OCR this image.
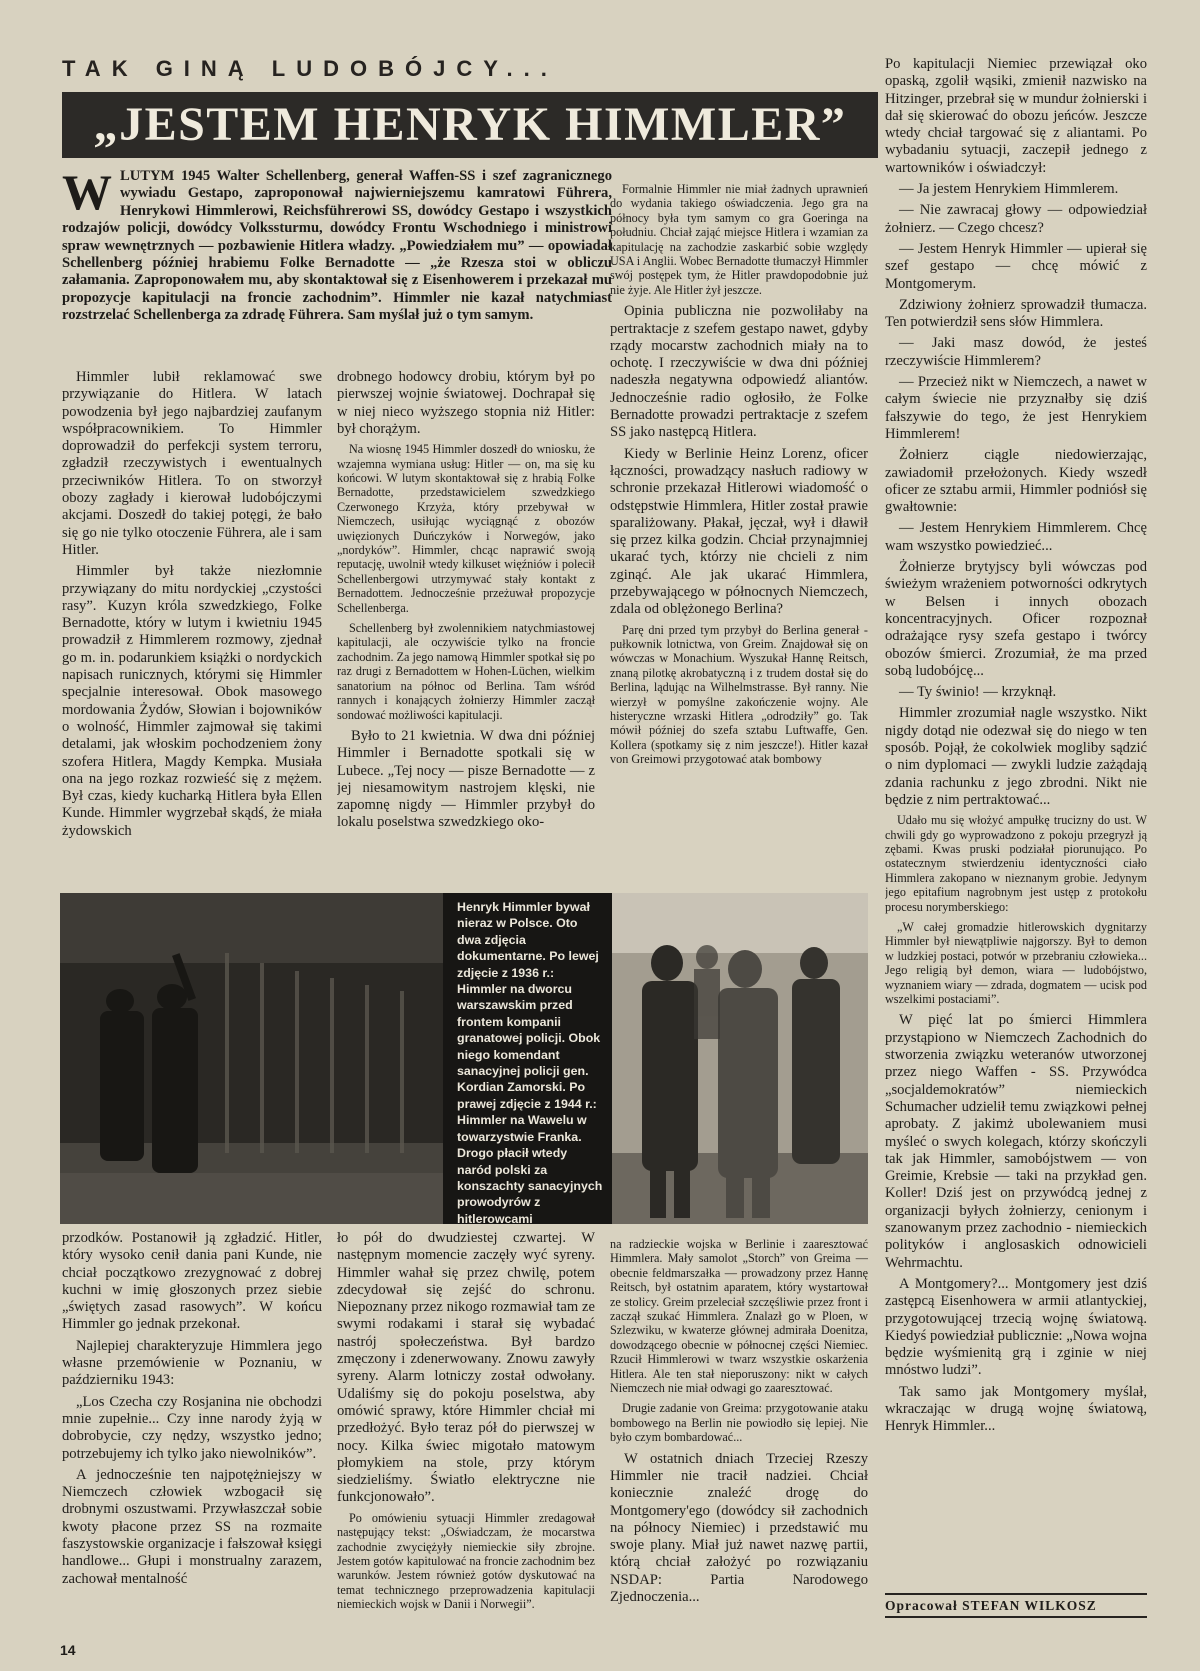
TAK GINĄ LUDOBÓJCY...
„JESTEM HENRYK HIMMLER”
W LUTYM 1945 Walter Schellenberg, generał Waffen-SS i szef zagranicznego wywiadu Gestapo, zaproponował najwierniejszemu kamratowi Führera, Henrykowi Himmlerowi, Reichsführerowi SS, dowódcy Gestapo i wszystkich rodzajów policji, dowódcy Volkssturmu, dowódcy Frontu Wschodniego i ministrowi spraw wewnętrznych — pozbawienie Hitlera władzy. „Powiedziałem mu” — opowiadał Schellenberg później hrabiemu Folke Bernadotte — „że Rzesza stoi w obliczu załamania. Zaproponowałem mu, aby skontaktował się z Eisenhowerem i przekazał mu propozycje kapitulacji na froncie zachodnim”. Himmler nie kazał natychmiast rozstrzelać Schellenberga za zdradę Führera. Sam myślał już o tym samym.

Himmler lubił reklamować swe przywiązanie do Hitlera. W latach powodzenia był jego najbardziej zaufanym współpracownikiem. To Himmler doprowadził do perfekcji system terroru, zgładził rzeczywistych i ewentualnych przeciwników Hitlera. To on stworzył obozy zagłady i kierował ludobójczymi akcjami. Doszedł do takiej potęgi, że bało się go nie tylko otoczenie Führera, ale i sam Hitler.

Himmler był także niezłomnie przywiązany do mitu nordyckiej „czystości rasy”. Kuzyn króla szwedzkiego, Folke Bernadotte, który w lutym i kwietniu 1945 prowadził z Himmlerem rozmowy, zjednał go m. in. podarunkiem książki o nordyckich napisach runicznych, którymi się Himmler specjalnie interesował. Obok masowego mordowania Żydów, Słowian i bojowników o wolność, Himmler zajmował się takimi detalami, jak włoskim pochodzeniem żony szofera Hitlera, Magdy Kempka. Musiała ona na jego rozkaz rozwieść się z mężem. Był czas, kiedy kucharką Hitlera była Ellen Kunde. Himmler wygrzebał skądś, że miała żydowskich

drobnego hodowcy drobiu, którym był po pierwszej wojnie światowej. Dochrapał się w niej nieco wyższego stopnia niż Hitler: był chorążym.

Na wiosnę 1945 Himmler doszedł do wniosku, że wzajemna wymiana usług: Hitler — on, ma się ku końcowi. W lutym skontaktował się z hrabią Folke Bernadotte, przedstawicielem szwedzkiego Czerwonego Krzyża, który przebywał w Niemczech, usiłując wyciągnąć z obozów uwięzionych Duńczyków i Norwegów, jako „nordyków”. Himmler, chcąc naprawić swoją reputację, uwolnił wtedy kilkuset więźniów i polecił Schellenbergowi utrzymywać stały kontakt z Bernadottem. Jednocześnie przeżuwał propozycje Schellenberga.

Schellenberg był zwolennikiem natychmiastowej kapitulacji, ale oczywiście tylko na froncie zachodnim. Za jego namową Himmler spotkał się po raz drugi z Bernadottem w Hohen-Lüchen, wielkim sanatorium na północ od Berlina. Tam wśród rannych i konających żołnierzy Himmler zaczął sondować możliwości kapitulacji.

Było to 21 kwietnia. W dwa dni później Himmler i Bernadotte spotkali się w Lubece. „Tej nocy — pisze Bernadotte — z jej niesamowitym nastrojem klęski, nie zapomnę nigdy — Himmler przybył do lokalu poselstwa szwedzkiego oko-

Formalnie Himmler nie miał żadnych uprawnień do wydania takiego oświadczenia. Jego gra na północy była tym samym co gra Goeringa na południu. Chciał zająć miejsce Hitlera i wzamian za kapitulację na zachodzie zaskarbić sobie względy USA i Anglii. Wobec Bernadotte tłumaczył Himmler swój postępek tym, że Hitler prawdopodobnie już nie żyje. Ale Hitler żył jeszcze.

Opinia publiczna nie pozwoliłaby na pertraktacje z szefem gestapo nawet, gdyby rządy mocarstw zachodnich miały na to ochotę. I rzeczywiście w dwa dni później nadeszła negatywna odpowiedź aliantów. Jednocześnie radio ogłosiło, że Folke Bernadotte prowadzi pertraktacje z szefem SS jako następcą Hitlera.

Kiedy w Berlinie Heinz Lorenz, oficer łączności, prowadzący nasłuch radiowy w schronie przekazał Hitlerowi wiadomość o odstępstwie Himmlera, Hitler został prawie sparaliżowany. Płakał, jęczał, wył i dławił się przez kilka godzin. Chciał przynajmniej ukarać tych, którzy nie chcieli z nim zginąć. Ale jak ukarać Himmlera, przebywającego w północnych Niemczech, zdala od oblężonego Berlina?

Parę dni przed tym przybył do Berlina generał - pułkownik lotnictwa, von Greim. Znajdował się on wówczas w Monachium. Wyszukał Hannę Reitsch, znaną pilotkę akrobatyczną i z trudem dostał się do Berlina, lądując na Wilhelmstrasse. Był ranny. Nie wierzył w pomyślne zakończenie wojny. Ale histeryczne wrzaski Hitlera „odrodziły” go. Tak mówił później do szefa sztabu Luftwaffe, Gen. Kollera (spotkamy się z nim jeszcze!). Hitler kazał von Greimowi przygotować atak bombowy

Po kapitulacji Niemiec przewiązał oko opaską, zgolił wąsiki, zmienił nazwisko na Hitzinger, przebrał się w mundur żołnierski i dał się skierować do obozu jeńców. Jeszcze wtedy chciał targować się z aliantami. Po wybadaniu sytuacji, zaczepił jednego z wartowników i oświadczył:

— Ja jestem Henrykiem Himmlerem.

— Nie zawracaj głowy — odpowiedział żołnierz. — Czego chcesz?

— Jestem Henryk Himmler — upierał się szef gestapo — chcę mówić z Montgomerym.

Zdziwiony żołnierz sprowadził tłumacza. Ten potwierdził sens słów Himmlera.

— Jaki masz dowód, że jesteś rzeczywiście Himmlerem?

— Przecież nikt w Niemczech, a nawet w całym świecie nie przyznałby się dziś fałszywie do tego, że jest Henrykiem Himmlerem!

Żołnierz ciągle niedowierzając, zawiadomił przełożonych. Kiedy wszedł oficer ze sztabu armii, Himmler podniósł się gwałtownie:

— Jestem Henrykiem Himmlerem. Chcę wam wszystko powiedzieć...

Żołnierze brytyjscy byli wówczas pod świeżym wrażeniem potworności odkrytych w Belsen i innych obozach koncentracyjnych. Oficer rozpoznał odrażające rysy szefa gestapo i twórcy obozów śmierci. Zrozumiał, że ma przed sobą ludobójcę...

— Ty świnio! — krzyknął.

Himmler zrozumiał nagle wszystko. Nikt nigdy dotąd nie odezwał się do niego w ten sposób. Pojął, że cokolwiek mogliby sądzić o nim dyplomaci — zwykli ludzie zażądają zdania rachunku z jego zbrodni. Nikt nie będzie z nim pertraktować...

Udało mu się włożyć ampułkę trucizny do ust. W chwili gdy go wyprowadzono z pokoju przegryzł ją zębami. Kwas pruski podziałał piorunująco. Po ostatecznym stwierdzeniu identyczności ciało Himmlera zakopano w nieznanym grobie. Jedynym jego epitafium nagrobnym jest ustęp z protokołu procesu norymberskiego:

„W całej gromadzie hitlerowskich dygnitarzy Himmler był niewątpliwie najgorszy. Był to demon w ludzkiej postaci, potwór w przebraniu człowieka... Jego religią był demon, wiara — ludobójstwo, wyznaniem wiary — zdrada, dogmatem — ucisk pod wszelkimi postaciami”.

W pięć lat po śmierci Himmlera przystąpiono w Niemczech Zachodnich do stworzenia związku weteranów utworzonej przez niego Waffen - SS. Przywódca „socjaldemokratów” niemieckich Schumacher udzielił temu związkowi pełnej aprobaty. Z jakimż ubolewaniem musi myśleć o swych kolegach, którzy skończyli tak jak Himmler, samobójstwem — von Greimie, Krebsie — taki na przykład gen. Koller! Dziś jest on przywódcą jednej z organizacji byłych żołnierzy, cenionym i szanowanym przez zachodnio - niemieckich polityków i anglosaskich odnowicieli Wehrmachtu.

A Montgomery?... Montgomery jest dziś zastępcą Eisenhowera w armii atlantyckiej, przygotowującej trzecią wojnę światową. Kiedyś powiedział publicznie: „Nowa wojna będzie wyśmienitą grą i zginie w niej mnóstwo ludzi”.

Tak samo jak Montgomery myślał, wkraczając w drugą wojnę światową, Henryk Himmler...

Henryk Himmler bywał nieraz w Polsce. Oto dwa zdjęcia dokumentarne. Po lewej zdjęcie z 1936 r.: Himmler na dworcu warszawskim przed frontem kompanii granatowej policji. Obok niego komendant sanacyjnej policji gen. Kordian Zamorski. Po prawej zdjęcie z 1944 r.: Himmler na Wawelu w towarzystwie Franka. Drogo płacił wtedy naród polski za konszachty sanacyjnych prowodyrów z hitlerowcami

przodków. Postanowił ją zgładzić. Hitler, który wysoko cenił dania pani Kunde, nie chciał początkowo zrezygnować z dobrej kuchni w imię głoszonych przez siebie „świętych zasad rasowych”. W końcu Himmler go jednak przekonał.

Najlepiej charakteryzuje Himmlera jego własne przemówienie w Poznaniu, w październiku 1943:

„Los Czecha czy Rosjanina nie obchodzi mnie zupełnie... Czy inne narody żyją w dobrobycie, czy nędzy, wszystko jedno; potrzebujemy ich tylko jako niewolników”.

A jednocześnie ten najpotężniejszy w Niemczech człowiek wzbogacił się drobnymi oszustwami. Przywłaszczał sobie kwoty płacone przez SS na rozmaite faszystowskie organizacje i fałszował księgi handlowe... Głupi i monstrualny zarazem, zachował mentalność

ło pół do dwudziestej czwartej. W następnym momencie zaczęły wyć syreny. Himmler wahał się przez chwilę, potem zdecydował się zejść do schronu. Niepoznany przez nikogo rozmawiał tam ze swymi rodakami i starał się wybadać nastrój społeczeństwa. Był bardzo zmęczony i zdenerwowany. Znowu zawyły syreny. Alarm lotniczy został odwołany. Udaliśmy się do pokoju poselstwa, aby omówić sprawy, które Himmler chciał mi przedłożyć. Było teraz pół do pierwszej w nocy. Kilka świec migotało matowym płomykiem na stole, przy którym siedzieliśmy. Światło elektryczne nie funkcjonowało”.

Po omówieniu sytuacji Himmler zredagował następujący tekst: „Oświadczam, że mocarstwa zachodnie zwyciężyły niemieckie siły zbrojne. Jestem gotów kapitulować na froncie zachodnim bez warunków. Jestem również gotów dyskutować na temat technicznego przeprowadzenia kapitulacji niemieckich wojsk w Danii i Norwegii”.

na radzieckie wojska w Berlinie i zaaresztować Himmlera. Mały samolot „Storch” von Greima — obecnie feldmarszałka — prowadzony przez Hannę Reitsch, był ostatnim aparatem, który wystartował ze stolicy. Greim przeleciał szczęśliwie przez front i zaczął szukać Himmlera. Znalazł go w Ploen, w Szlezwiku, w kwaterze głównej admirała Doenitza, dowodzącego obecnie w północnej części Niemiec. Rzucił Himmlerowi w twarz wszystkie oskarżenia Hitlera. Ale ten stał nieporuszony: nikt w całych Niemczech nie miał odwagi go zaaresztować.

Drugie zadanie von Greima: przygotowanie ataku bombowego na Berlin nie powiodło się lepiej. Nie było czym bombardować...

W ostatnich dniach Trzeciej Rzeszy Himmler nie tracił nadziei. Chciał koniecznie znaleźć drogę do Montgomery'ego (dowódcy sił zachodnich na północy Niemiec) i przedstawić mu swoje plany. Miał już nawet nazwę partii, którą chciał założyć po rozwiązaniu NSDAP: Partia Narodowego Zjednoczenia...

Opracował STEFAN WILKOSZ
14
